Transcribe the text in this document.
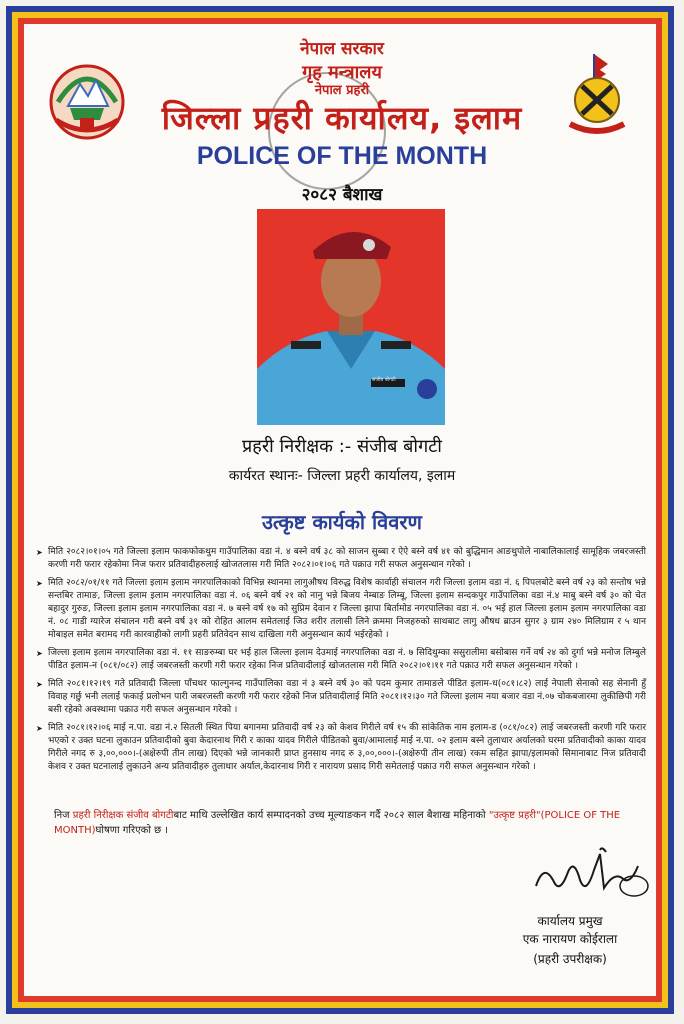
नेपाल सरकार
गृह मन्त्रालय
नेपाल प्रहरी
जिल्ला प्रहरी कार्यालय, इलाम
POLICE OF THE MONTH
२०८२ बैशाख
संजीब बोगटी
प्रहरी निरीक्षक :- संजीब बोगटी
कार्यरत स्थानः- जिल्ला प्रहरी कार्यालय, इलाम
उत्कृष्ट कार्यको विवरण

➤ मिति २०८२।०१।०५ गते जिल्ला इलाम फाकफोकथुम गाउँपालिका वडा नं. ४ बस्ने वर्ष ३८ को साजन सुब्बा र ऐऐ बस्ने वर्ष ४१ को बुद्धिमान आङथुपोले नाबालिकालाई सामूहिक जबरजस्ती करणी गरी फरार रहेकोमा निज फरार प्रतिवादीहरुलाई खोजतलास गरी मिति २०८२।०१।०६ गते पक्राउ गरी सफल अनुसन्धान गरेको ।

➤ मिति २०८२/०१/११ गते जिल्ला इलाम इलाम नगरपालिकाको विभिन्न स्थानमा लागुऔषध विरुद्ध विशेष कार्वाही संचालन गरी जिल्ला इलाम वडा नं. ६ पिपलबोटे बस्ने वर्ष २३ को सन्तोष भन्ने सन्तबिर तामाङ, जिल्ला इलाम इलाम नगरपालिका वडा नं. ०६ बस्ने वर्ष २१ को नानु भन्ने बिजय नेम्बाङ लिम्बू, जिल्ला इलाम सन्दकपुर गाउँपालिका वडा नं.४ माबु बस्ने वर्ष ३० को चेत बहादुर गुरुङ, जिल्ला इलाम इलाम नगरपालिका वडा नं. ७ बस्ने वर्ष १७ को सुप्रिम देवान र जिल्ला झापा बिर्तामोड नगरपालिका वडा नं. ०५ भई हाल जिल्ला इलाम इलाम नगरपालिका वडा नं. ०८ गाडी ग्यारेज संचालन गरी बस्ने वर्ष ३१ को रोहित आलम समेतलाई जिउ शरीर तलासी लिने क्रममा निजहरुको साथबाट लागु औषध ब्राउन सुगर ३ ग्राम २४० मिलिग्राम र ५ थान मोबाइल समेत बरामद गरी कारवाहीको लागी प्रहरी प्रतिवेदन साथ दाखिला गरी अनुसन्धान कार्य भईरहेको ।

➤ जिल्ला इलाम इलाम नगरपालिका वडा नं. ११ साङरुम्बा घर भई हाल जिल्ला इलाम देउमाई नगरपालिका वडा नं. ७ सिदिथुम्का ससुरालीमा बसोबास गर्ने वर्ष २४ को दुर्गा भन्ने मनोज लिम्बुले पीडित इलाम-न (०८१/०८२) लाई जबरजस्ती करणी गरी फरार रहेका निज प्रतिवादीलाई खोजतलास गरी मिति २०८२।०१।११ गते पक्राउ गरी सफल अनुसन्धान गरेको ।

➤ मिति २०८१।१२।१९ गते प्रतिवादी जिल्ला पाँचथर फाल्गुनन्द गाउँपालिका वडा नं ३ बस्ने वर्ष ३० को पदम कुमार तामाङले पीडित इलाम-ध(०८१।८२) लाई नेपाली सेनाको सह सेनानी हुँ विवाह गर्छु भनी ललाई फकाई प्रलोभन पारी जबरजस्ती करणी गरी फरार रहेको निज प्रतिवादीलाई मिति २०८१।१२।३० गते जिल्ला इलाम नया बजार वडा नं.०७ चोकबजारमा लुकीछिपी गरी बसी रहेको अवस्थामा पक्राउ गरी सफल अनुसन्धान गरेको ।

➤ मिति २०८१।१२।०६ माई न.पा. वडा नं.२ सितली स्थित पिया बगानमा प्रतिवादी वर्ष २३ को केशव गिरीले वर्ष १५ की सांकेतिक नाम इलाम-ड (०८१/०८२) लाई जबरजस्ती करणी गरि फरार भएको र उक्त घटना लुकाउन प्रतिवादीको बुवा केदारनाथ गिरी र काका यादव गिरीले पीडितको बुवा/आमालाई माई न.पा. ०२ इलाम बस्ने तुलाधार अर्यालको घरमा प्रतिवादीको काका यादव गिरीले नगद रु ३,००,०००।-(अक्षेरुपी तीन लाख) दिएको भन्ने जानकारी प्राप्त हुनसाथ नगद रु ३,००,०००।-(अक्षेरुपी तीन लाख) रकम सहित झापा/इलामको सिमानाबाट निज प्रतिवादी केशव र उक्त घटनालाई लुकाउने अन्य प्रतिवादीहरु तुलाधार अर्याल,केदारनाथ गिरी र नारायण प्रसाद गिरी समेतलाई पक्राउ गरी सफल अनुसन्धान गरेको ।

निज प्रहरी निरीक्षक संजीव बोगटीबाट माथि उल्लेखित कार्य सम्पादनको उच्च मूल्याङकन गर्दै २०८२ साल बैशाख महिनाको "उत्कृष्ट प्रहरी"(POLICE OF THE MONTH)घोषणा गरिएको छ ।
कार्यालय प्रमुख
एक नारायण कोईराला
(प्रहरी उपरीक्षक)
